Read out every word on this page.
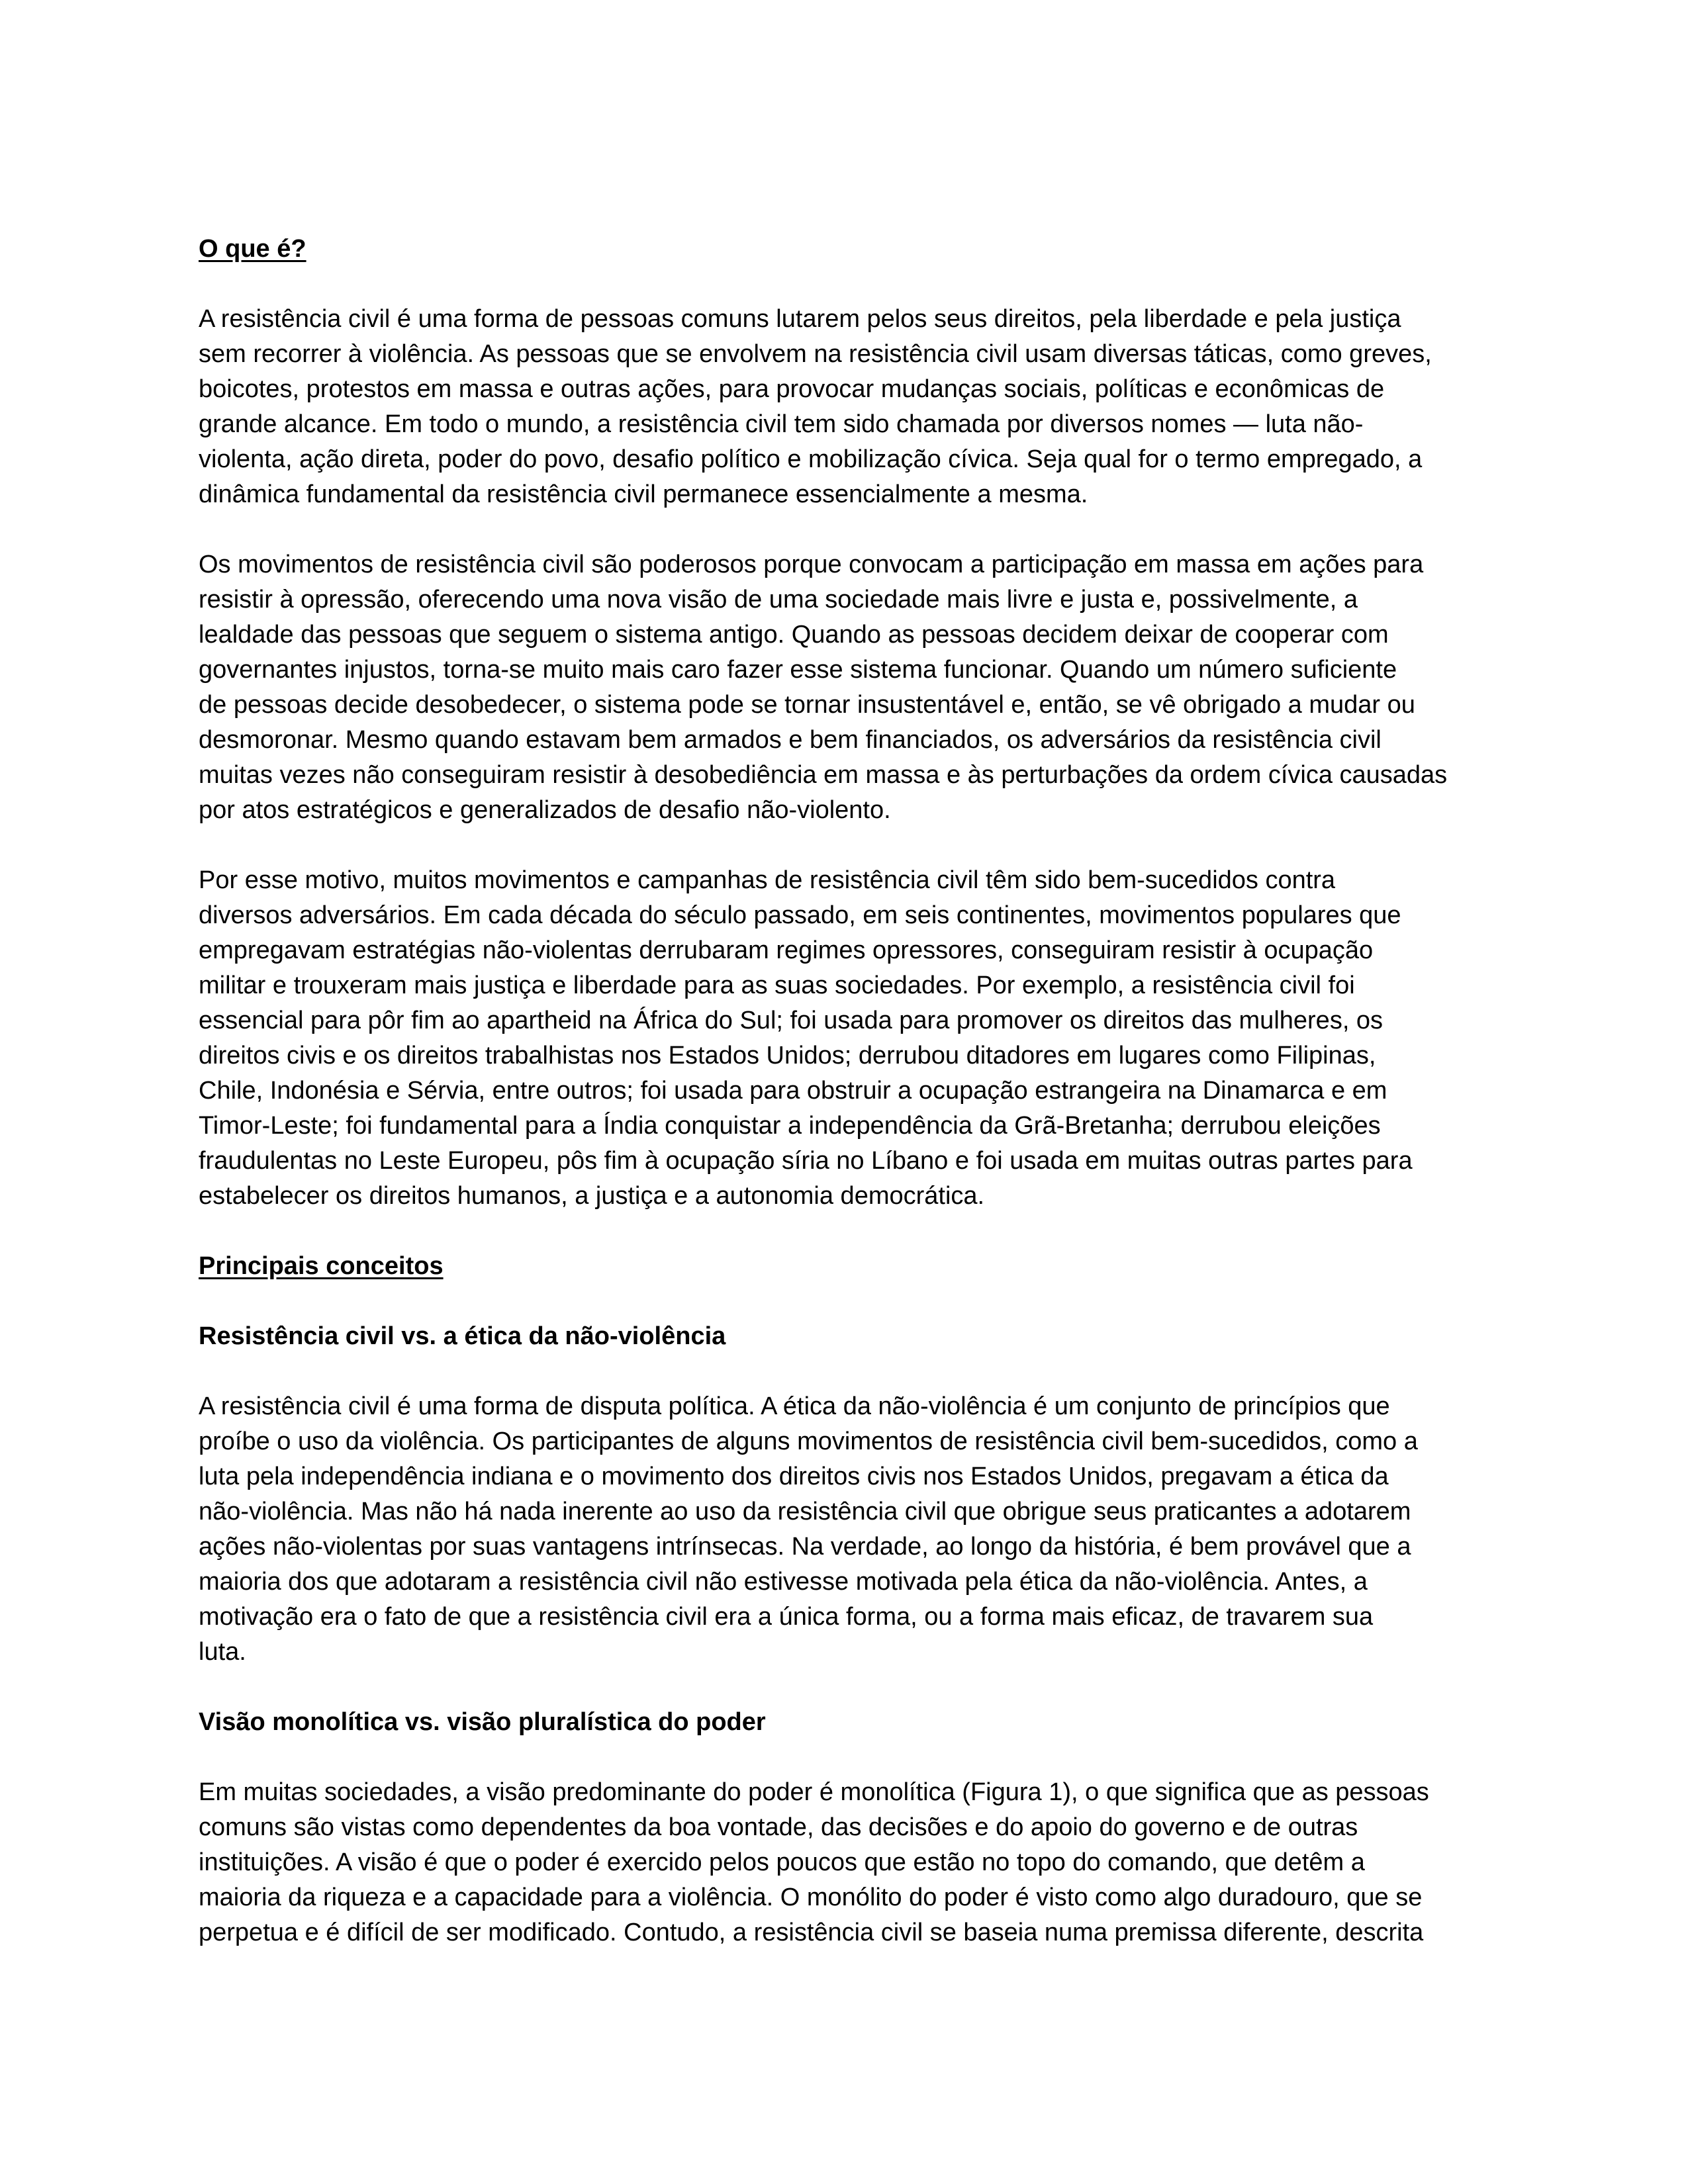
O que é?

A resistência civil é uma forma de pessoas comuns lutarem pelos seus direitos, pela liberdade e pela justiça
sem recorrer à violência. As pessoas que se envolvem na resistência civil usam diversas táticas, como greves,
boicotes, protestos em massa e outras ações, para provocar mudanças sociais, políticas e econômicas de
grande alcance. Em todo o mundo, a resistência civil tem sido chamada por diversos nomes — luta não-
violenta, ação direta, poder do povo, desafio político e mobilização cívica. Seja qual for o termo empregado, a
dinâmica fundamental da resistência civil permanece essencialmente a mesma.

Os movimentos de resistência civil são poderosos porque convocam a participação em massa em ações para
resistir à opressão, oferecendo uma nova visão de uma sociedade mais livre e justa e, possivelmente, a
lealdade das pessoas que seguem o sistema antigo. Quando as pessoas decidem deixar de cooperar com
governantes injustos, torna-se muito mais caro fazer esse sistema funcionar. Quando um número suficiente
de pessoas decide desobedecer, o sistema pode se tornar insustentável e, então, se vê obrigado a mudar ou
desmoronar. Mesmo quando estavam bem armados e bem financiados, os adversários da resistência civil
muitas vezes não conseguiram resistir à desobediência em massa e às perturbações da ordem cívica causadas
por atos estratégicos e generalizados de desafio não-violento.

Por esse motivo, muitos movimentos e campanhas de resistência civil têm sido bem-sucedidos contra
diversos adversários. Em cada década do século passado, em seis continentes, movimentos populares que
empregavam estratégias não-violentas derrubaram regimes opressores, conseguiram resistir à ocupação
militar e trouxeram mais justiça e liberdade para as suas sociedades. Por exemplo, a resistência civil foi
essencial para pôr fim ao apartheid na África do Sul; foi usada para promover os direitos das mulheres, os
direitos civis e os direitos trabalhistas nos Estados Unidos; derrubou ditadores em lugares como Filipinas,
Chile, Indonésia e Sérvia, entre outros; foi usada para obstruir a ocupação estrangeira na Dinamarca e em
Timor-Leste; foi fundamental para a Índia conquistar a independência da Grã-Bretanha; derrubou eleições
fraudulentas no Leste Europeu, pôs fim à ocupação síria no Líbano e foi usada em muitas outras partes para
estabelecer os direitos humanos, a justiça e a autonomia democrática.

Principais conceitos
Resistência civil vs. a ética da não-violência

A resistência civil é uma forma de disputa política. A ética da não-violência é um conjunto de princípios que
proíbe o uso da violência. Os participantes de alguns movimentos de resistência civil bem-sucedidos, como a
luta pela independência indiana e o movimento dos direitos civis nos Estados Unidos, pregavam a ética da
não-violência. Mas não há nada inerente ao uso da resistência civil que obrigue seus praticantes a adotarem
ações não-violentas por suas vantagens intrínsecas. Na verdade, ao longo da história, é bem provável que a
maioria dos que adotaram a resistência civil não estivesse motivada pela ética da não-violência. Antes, a
motivação era o fato de que a resistência civil era a única forma, ou a forma mais eficaz, de travarem sua
luta.

Visão monolítica vs. visão pluralística do poder

Em muitas sociedades, a visão predominante do poder é monolítica (Figura 1), o que significa que as pessoas
comuns são vistas como dependentes da boa vontade, das decisões e do apoio do governo e de outras
instituições. A visão é que o poder é exercido pelos poucos que estão no topo do comando, que detêm a
maioria da riqueza e a capacidade para a violência. O monólito do poder é visto como algo duradouro, que se
perpetua e é difícil de ser modificado. Contudo, a resistência civil se baseia numa premissa diferente, descrita
